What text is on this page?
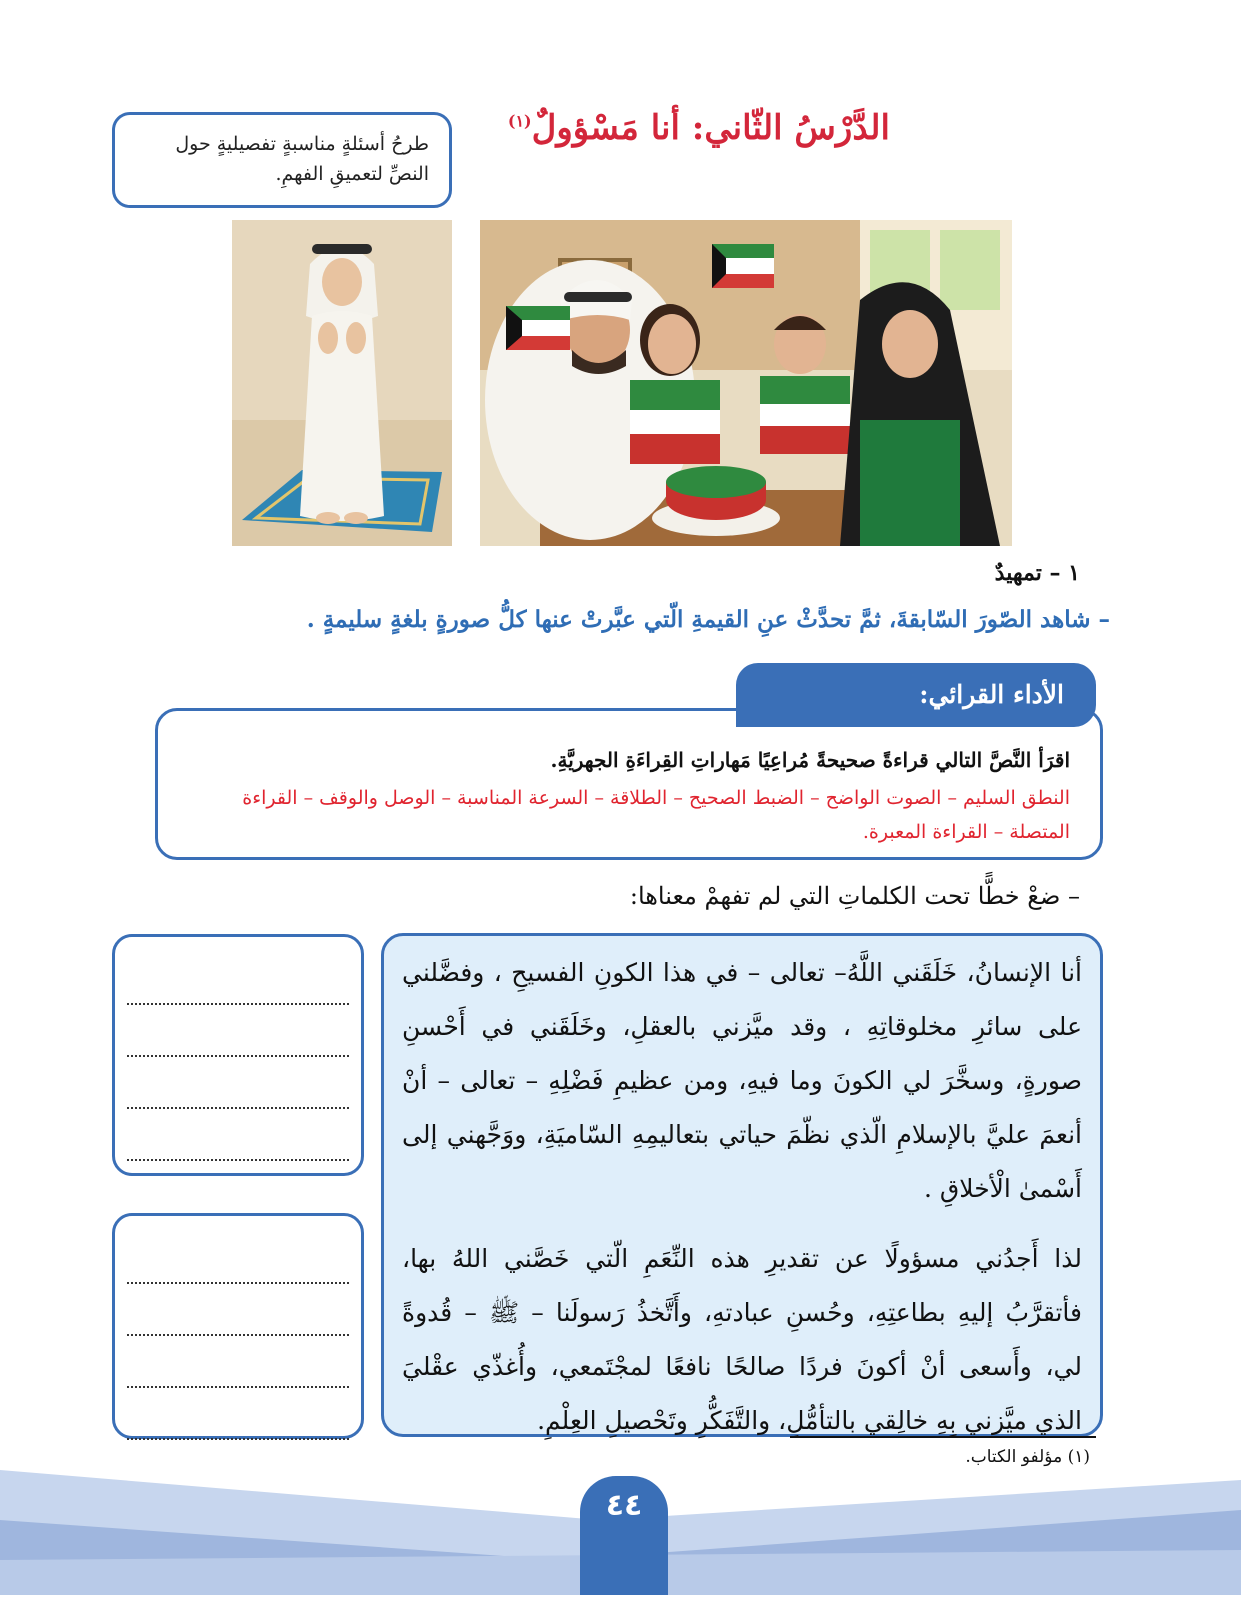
الدَّرْسُ الثّاني: أنا مَسْؤولٌ$^{(١)}$
طرحُ أسئلةٍ مناسبةٍ تفصيليةٍ حول النصِّ لتعميقِ الفهمِ.
١ – تمهيدٌ
– شاهد الصّورَ السّابقةَ، ثمَّ تحدَّثْ عنِ القيمةِ الّتي عبَّرتْ عنها كلُّ صورةٍ بلغةٍ سليمةٍ .
اقرَأ النَّصَّ التالي قراءةً صحيحةً مُراعِيًا مَهاراتِ القِراءَةِ الجهريَّةِ.
النطق السليم – الصوت الواضح – الضبط الصحيح – الطلاقة – السرعة المناسبة – الوصل والوقف – القراءة المتصلة – القراءة المعبرة.
الأداء القرائي:
– ضعْ خطًّا تحت الكلماتِ التي لم تفهمْ معناها:
أنا الإنسانُ، خَلَقَني اللَّهُ– تعالى – في هذا الكونِ الفسيحِ ، وفضَّلني على سائرِ مخلوقاتِهِ ، وقد ميَّزني بالعقلِ، وخَلَقَني في أَحْسنِ صورةٍ، وسخَّرَ لي الكونَ وما فيهِ، ومن عظيمِ فَضْلِهِ – تعالى – أنْ أنعمَ عليَّ بالإسلامِ الّذي نظّمَ حياتي بتعاليمِهِ السّاميَةِ، ووَجَّهني إلى أَسْمىٰ الْأخلاقِ .
لذا أَجدُني مسؤولًا عن تقديرِ هذه النِّعَمِ الّتي خَصَّني اللهُ بها، فأتقرَّبُ إليهِ بطاعتِهِ، وحُسنِ عبادتهِ، وأَتَّخذُ رَسولَنا – ﷺ – قُدوةً لي، وأَسعى أنْ أكونَ فردًا صالحًا نافعًا لمجْتَمعي، وأُغذّي عقْليَ الذي ميَّزني بِهِ خالِقي بالتأمُّلِ، والتَّفَكُّرِ وتَحْصيلِ العِلْمِ.
(١) مؤلفو الكتاب.
٤٤
